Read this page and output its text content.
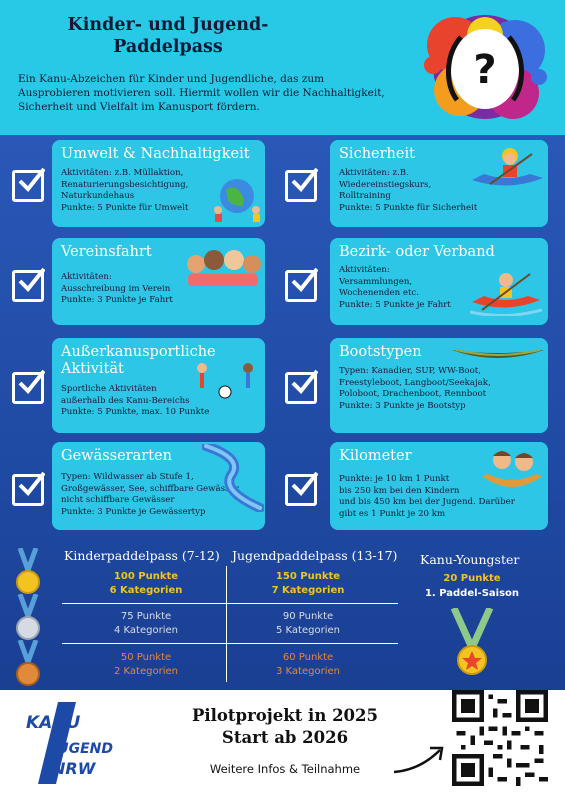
Kinder- und Jugend-
Paddelpass

Ein Kanu-Abzeichen für Kinder und Jugendliche, das zum Ausprobieren motivieren soll. Hiermit wollen wir die Nachhaltigkeit, Sicherheit und Vielfalt im Kanusport fördern.

?
Umwelt & Nachhaltigkeit
Aktivitäten: z.B. Müllaktion,
Renaturierungsbesichtigung,
Naturkundehaus
Punkte: 5 Punkte für Umwelt
Sicherheit
Aktivitäten: z.B.
Wiedereinstiegskurs,
Rolltraining
Punkte: 5 Punkte für Sicherheit
Vereinsfahrt
Aktivitäten:
Ausschreibung im Verein
Punkte: 3 Punkte je Fahrt
Bezirk- oder Verband
Aktivitäten:
Versammlungen,
Wochenenden etc.
Punkte: 5 Punkte je Fahrt
Außerkanusportliche
Aktivität
Sportliche Aktivitäten
außerhalb des Kanu-Bereichs
Punkte: 5 Punkte, max. 10 Punkte
Bootstypen
Typen: Kanadier, SUP, WW-Boot,
Freestyleboot, Langboot/Seekajak,
Poloboot, Drachenboot, Rennboot
Punkte: 3 Punkte je Bootstyp
Gewässerarten
Typen: Wildwasser ab Stufe 1,
Großgewässer, See, schiffbare Gewässer,
nicht schiffbare Gewässer
Punkte: 3 Punkte je Gewässertyp
Kilometer
Punkte: je 10 km 1 Punkt
bis 250 km bei den Kindern
und bis 450 km bei der Jugend. Darüber
gibt es 1 Punkt je 20 km
Kinderpaddelpass (7-12) Jugendpaddelpass (13-17) Kanu-Youngster
100 Punkte
6 Kategorien
75 Punkte
4 Kategorien
50 Punkte
2 Kategorien
150 Punkte
7 Kategorien
90 Punkte
5 Kategorien
60 Punkte
3 Kategorien
20 Punkte
1. Paddel-Saison
KANU
JUGEND
NRW
Pilotprojekt in 2025
Start ab 2026
Weitere Infos & Teilnahme
